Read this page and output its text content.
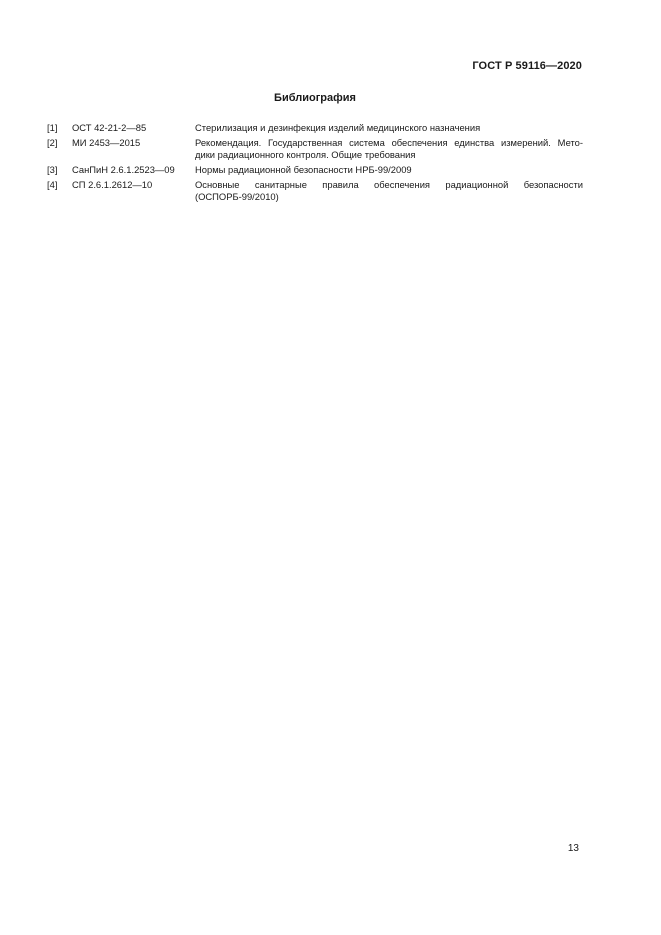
ГОСТ Р 59116—2020
Библиография
[1]	ОСТ 42-21-2—85	Стерилизация и дезинфекция изделий медицинского назначения
[2]	МИ 2453—2015	Рекомендация. Государственная система обеспечения единства измерений. Мето-
дики радиационного контроля. Общие требования
[3]	СанПиН 2.6.1.2523—09	Нормы радиационной безопасности НРБ-99/2009
[4]	СП 2.6.1.2612—10	Основные санитарные правила обеспечения радиационной безопасности
(ОСПОРБ-99/2010)
13
